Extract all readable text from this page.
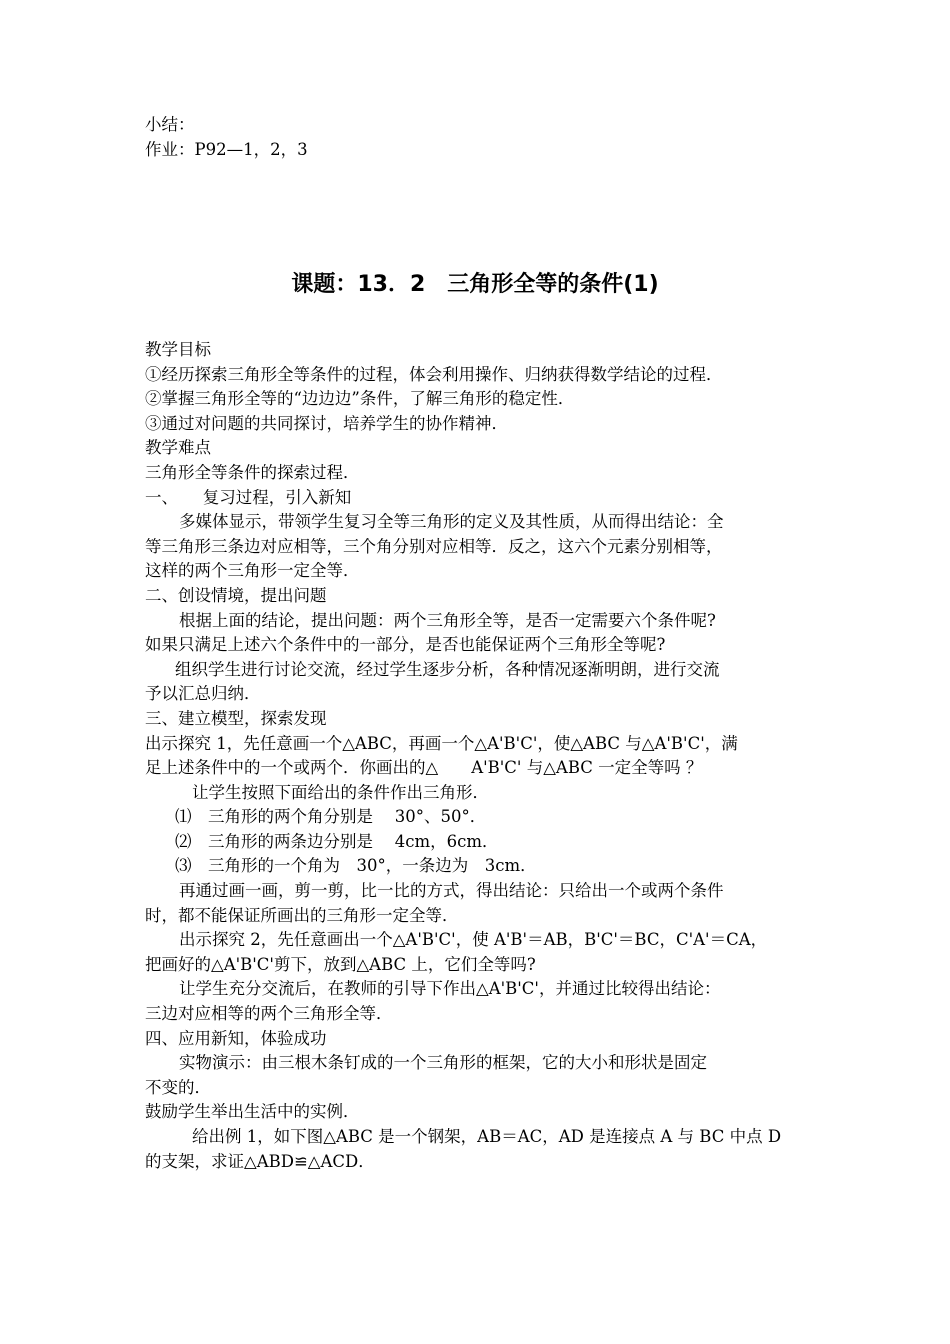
小结：
作业：P92—1，2，3
课题：13．2　三角形全等的条件(1)
教学目标
①经历探索三角形全等条件的过程，体会利用操作、归纳获得数学结论的过程．
②掌握三角形全等的“边边边”条件，了解三角形的稳定性．
③通过对问题的共同探讨，培养学生的协作精神．
教学难点
三角形全等条件的探索过程．
一、　　复习过程，引入新知
多媒体显示，带领学生复习全等三角形的定义及其性质，从而得出结论：全
等三角形三条边对应相等，三个角分别对应相等．反之，这六个元素分别相等，
这样的两个三角形一定全等．
二、创设情境，提出问题
根据上面的结论，提出问题：两个三角形全等，是否一定需要六个条件呢?
如果只满足上述六个条件中的一部分，是否也能保证两个三角形全等呢?
组织学生进行讨论交流，经过学生逐步分析，各种情况逐渐明朗，进行交流
予以汇总归纳．
三、建立模型，探索发现
出示探究 1，先任意画一个△ABC，再画一个△A'B'C'，使△ABC 与△A'B'C'，满
足上述条件中的一个或两个．你画出的△　　A'B'C' 与△ABC 一定全等吗 ？
让学生按照下面给出的条件作出三角形．
⑴　三角形的两个角分别是　 30°、50°．
⑵　三角形的两条边分别是　 4cm，6cm．
⑶　三角形的一个角为　30°，一条边为　3cm．
再通过画一画，剪一剪，比一比的方式，得出结论：只给出一个或两个条件
时，都不能保证所画出的三角形一定全等．
出示探究 2，先任意画出一个△A'B'C'，使 A'B'＝AB，B'C'＝BC，C'A'＝CA，
把画好的△A'B'C'剪下，放到△ABC 上，它们全等吗?
让学生充分交流后，在教师的引导下作出△A'B'C'，并通过比较得出结论：
三边对应相等的两个三角形全等．
四、应用新知，体验成功
实物演示：由三根木条钉成的一个三角形的框架，它的大小和形状是固定
不变的．
鼓励学生举出生活中的实例．
给出例 1，如下图△ABC 是一个钢架，AB＝AC，AD 是连接点 A 与 BC 中点 D
的支架，求证△ABD≌△ACD．
